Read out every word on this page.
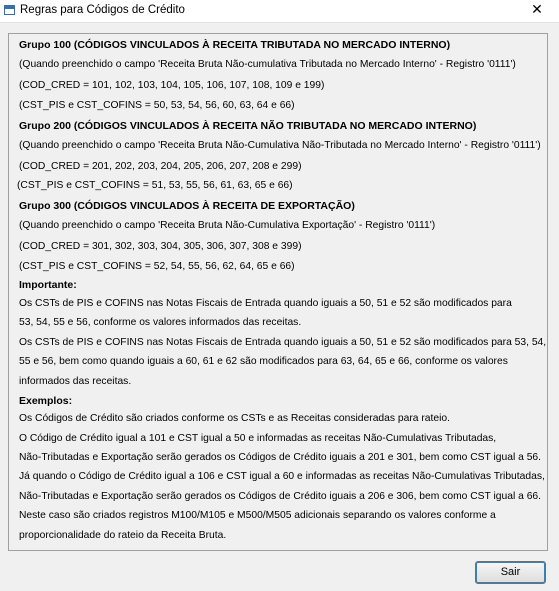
Regras para Códigos de Crédito	✕
Grupo 100 (CÓDIGOS VINCULADOS À RECEITA TRIBUTADA NO MERCADO INTERNO)
(Quando preenchido o campo 'Receita Bruta Não-cumulativa Tributada no Mercado Interno' - Registro '0111')
(COD_CRED = 101, 102, 103, 104, 105, 106, 107, 108, 109 e 199)
(CST_PIS e CST_COFINS = 50, 53, 54, 56, 60, 63, 64 e 66)
Grupo 200 (CÓDIGOS VINCULADOS À RECEITA NÃO TRIBUTADA NO MERCADO INTERNO)
(Quando preenchido o campo 'Receita Bruta Não-Cumulativa Não-Tributada no Mercado Interno' - Registro '0111')
(COD_CRED = 201, 202, 203, 204, 205, 206, 207, 208 e 299)
(CST_PIS e CST_COFINS = 51, 53, 55, 56, 61, 63, 65 e 66)
Grupo 300 (CÓDIGOS VINCULADOS À RECEITA DE EXPORTAÇÃO)
(Quando preenchido o campo 'Receita Bruta Não-Cumulativa Exportação' - Registro '0111')
(COD_CRED = 301, 302, 303, 304, 305, 306, 307, 308 e 399)
(CST_PIS e CST_COFINS = 52, 54, 55, 56, 62, 64, 65 e 66)
Importante:
Os CSTs de PIS e COFINS nas Notas Fiscais de Entrada quando iguais a 50, 51 e 52 são modificados para
53, 54, 55 e 56, conforme os valores informados das receitas.
Os CSTs de PIS e COFINS nas Notas Fiscais de Entrada quando iguais a 50, 51 e 52 são modificados para 53, 54,
55 e 56, bem como quando iguais a 60, 61 e 62 são modificados para 63, 64, 65 e 66, conforme os valores
informados das receitas.
Exemplos:
Os Códigos de Crédito são criados conforme os CSTs e as Receitas consideradas para rateio.
O Código de Crédito igual a 101 e CST igual a 50 e informadas as receitas Não-Cumulativas Tributadas,
Não-Tributadas e Exportação serão gerados os Códigos de Crédito iguais a 201 e 301, bem como CST igual a 56.
Já quando o Código de Crédito igual a 106 e CST igual a 60 e informadas as receitas Não-Cumulativas Tributadas,
Não-Tributadas e Exportação serão gerados os Códigos de Crédito iguais a 206 e 306, bem como CST igual a 66.
Neste caso são criados registros M100/M105 e M500/M505 adicionais separando os valores conforme a
proporcionalidade do rateio da Receita Bruta.
Sair
